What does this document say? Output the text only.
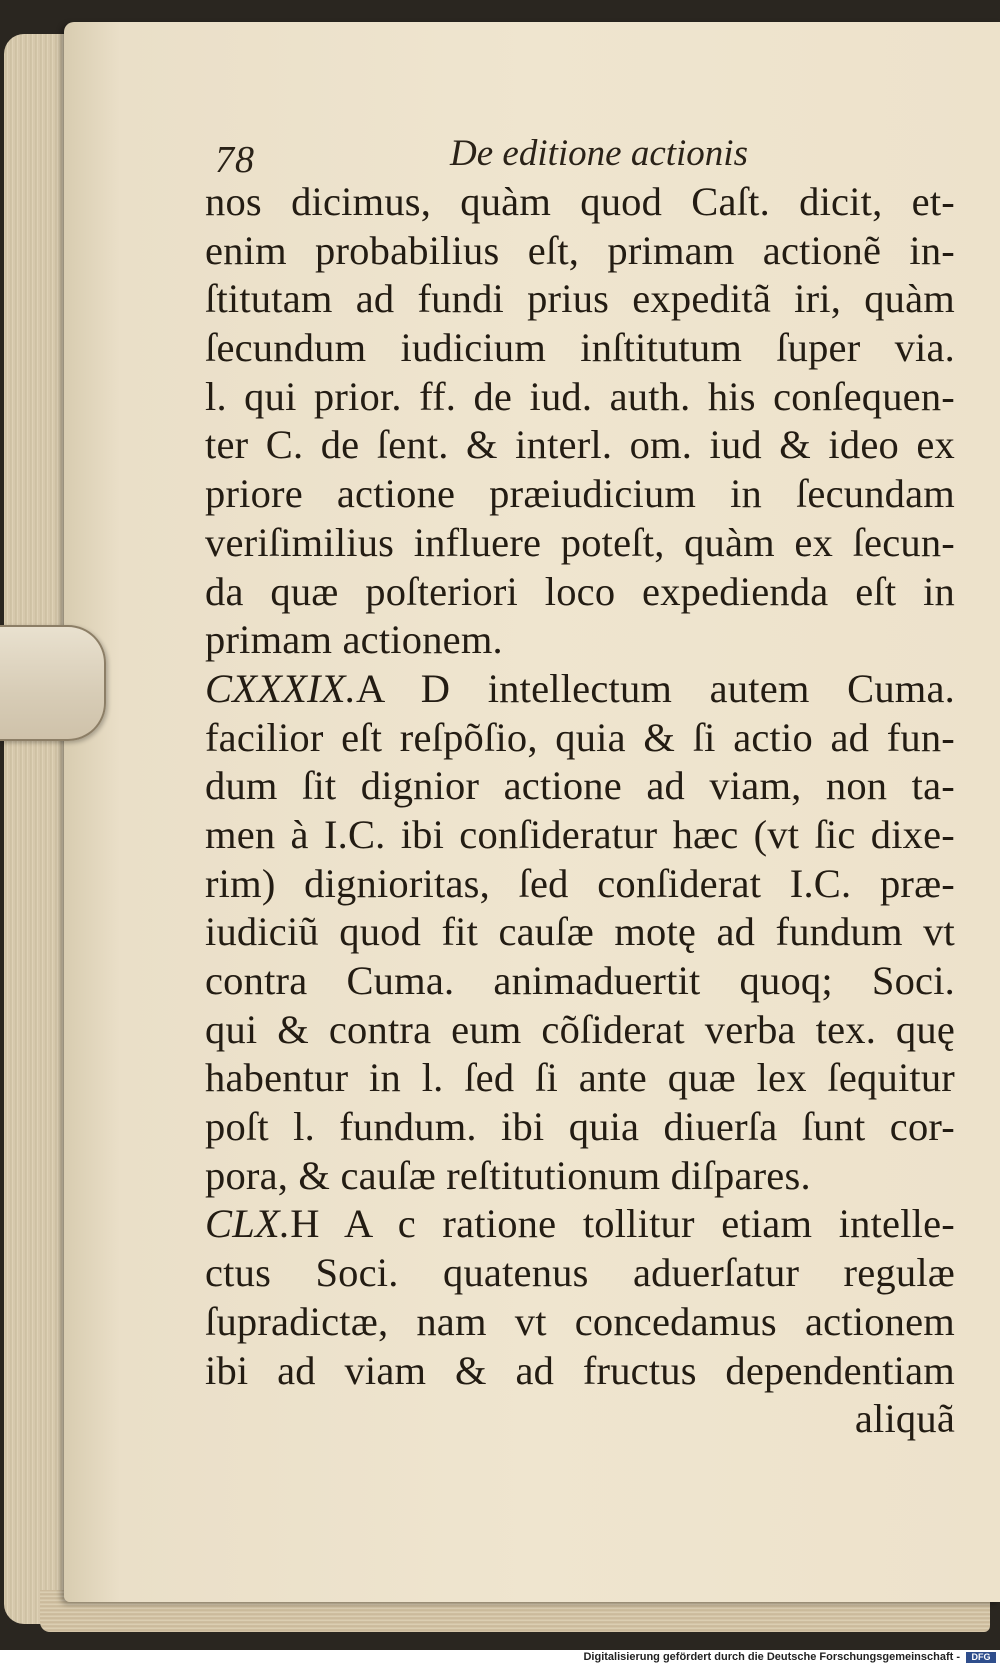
78	De editione actionis
nos dicimus, quàm quod Caſt. dicit, et-
enim probabilius eſt, primam actionẽ in-
ſtitutam ad fundi prius expeditã iri, quàm
ſecundum iudicium inſtitutum ſuper via.
l. qui prior. ff. de iud. auth. his conſequen-
ter C. de ſent. & interl. om. iud & ideo ex
priore actione præiudicium in ſecundam
veriſimilius influere poteſt, quàm ex ſecun-
da quæ poſteriori loco expedienda eſt in
primam actionem.
CXXXIX.A D intellectum autem Cuma.
facilior eſt reſpõſio, quia & ſi actio ad fun-
dum ſit dignior actione ad viam, non ta-
men à I.C. ibi conſideratur hæc (vt ſic dixe-
rim) dignioritas, ſed conſiderat I.C. præ-
iudiciũ quod fit cauſæ motę ad fundum vt
contra Cuma. animaduertit quoq; Soci.
qui & contra eum cõſiderat verba tex. quę
habentur in l. ſed ſi ante quæ lex ſequitur
poſt l. fundum. ibi quia diuerſa ſunt cor-
pora, & cauſæ reſtitutionum diſpares.
CLX.H A c ratione tollitur etiam intelle-
ctus Soci. quatenus aduerſatur regulæ
ſupradictæ, nam vt concedamus actionem
ibi ad viam & ad fructus dependentiam
aliquã
Digitalisierung gefördert durch die Deutsche Forschungsgemeinschaft -	DFG
